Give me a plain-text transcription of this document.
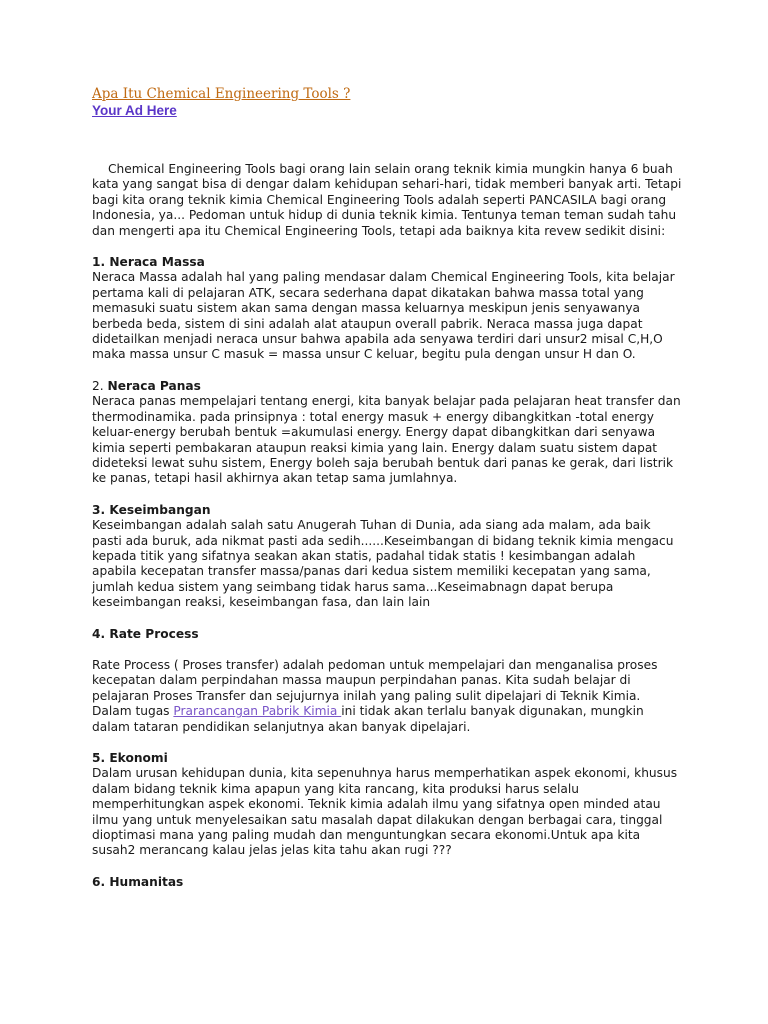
Apa Itu Chemical Engineering Tools ?
Your Ad Here

Chemical Engineering Tools bagi orang lain selain orang teknik kimia mungkin hanya 6 buah kata yang sangat bisa di dengar dalam kehidupan sehari-hari, tidak memberi banyak arti. Tetapi bagi kita orang teknik kimia Chemical Engineering Tools adalah seperti PANCASILA bagi orang Indonesia, ya... Pedoman untuk hidup di dunia teknik kimia. Tentunya teman teman sudah tahu dan mengerti apa itu Chemical Engineering Tools, tetapi ada baiknya kita revew sedikit disini:

1. Neraca Massa

Neraca Massa adalah hal yang paling mendasar dalam Chemical Engineering Tools, kita belajar pertama kali di pelajaran ATK, secara sederhana dapat dikatakan bahwa massa total yang memasuki suatu sistem akan sama dengan massa keluarnya meskipun jenis senyawanya berbeda beda, sistem di sini adalah alat ataupun overall pabrik. Neraca massa juga dapat didetailkan menjadi neraca unsur bahwa apabila ada senyawa terdiri dari unsur2 misal C,H,O maka massa unsur C masuk = massa unsur C keluar, begitu pula dengan unsur H dan O.

2. Neraca Panas

Neraca panas mempelajari tentang energi, kita banyak belajar pada pelajaran heat transfer dan thermodinamika. pada prinsipnya : total energy masuk + energy dibangkitkan -total energy keluar-energy berubah bentuk =akumulasi energy. Energy dapat dibangkitkan dari senyawa kimia seperti pembakaran ataupun reaksi kimia yang lain. Energy dalam suatu sistem dapat dideteksi lewat suhu sistem, Energy boleh saja berubah bentuk dari panas ke gerak, dari listrik ke panas, tetapi hasil akhirnya akan tetap sama jumlahnya.

3. Keseimbangan

Keseimbangan adalah salah satu Anugerah Tuhan di Dunia, ada siang ada malam, ada baik pasti ada buruk, ada nikmat pasti ada sedih......Keseimbangan di bidang teknik kimia mengacu kepada titik yang sifatnya seakan akan statis, padahal tidak statis ! kesimbangan adalah apabila kecepatan transfer massa/panas dari kedua sistem memiliki kecepatan yang sama, jumlah kedua sistem yang seimbang tidak harus sama...Keseimabnagn dapat berupa keseimbangan reaksi, keseimbangan fasa, dan lain lain

4. Rate Process

Rate Process ( Proses transfer) adalah pedoman untuk mempelajari dan menganalisa proses kecepatan dalam perpindahan massa maupun perpindahan panas. Kita sudah belajar di pelajaran Proses Transfer dan sejujurnya inilah yang paling sulit dipelajari di Teknik Kimia. Dalam tugas Prarancangan Pabrik Kimia ini tidak akan terlalu banyak digunakan, mungkin dalam tataran pendidikan selanjutnya akan banyak dipelajari.

5. Ekonomi

Dalam urusan kehidupan dunia, kita sepenuhnya harus memperhatikan aspek ekonomi, khusus dalam bidang teknik kima apapun yang kita rancang, kita produksi harus selalu memperhitungkan aspek ekonomi. Teknik kimia adalah ilmu yang sifatnya open minded atau ilmu yang untuk menyelesaikan satu masalah dapat dilakukan dengan berbagai cara, tinggal dioptimasi mana yang paling mudah dan menguntungkan secara ekonomi.Untuk apa kita susah2 merancang kalau jelas jelas kita tahu akan rugi ???

6. Humanitas
